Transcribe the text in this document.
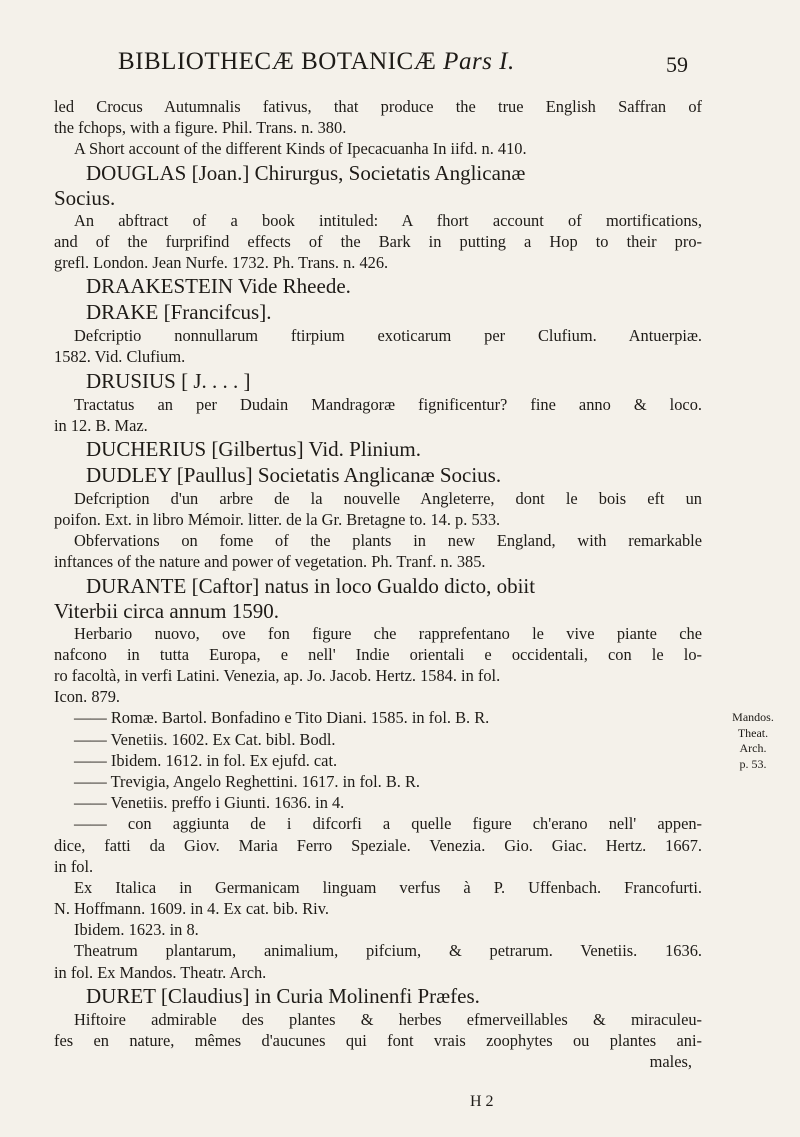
BIBLIOTHECÆ BOTANICÆ Pars I.	59
led Crocus Autumnalis fativus, that produce the true English Saffran of
the fchops, with a figure. Phil. Trans. n. 380.
A Short account of the different Kinds of Ipecacuanha In iifd. n. 410.
DOUGLAS [Joan.] Chirurgus, Societatis Anglicanæ
Socius.
An abftract of a book intituled: A fhort account of mortifications,
and of the furprifind effects of the Bark in putting a Hop to their pro-
grefl. London. Jean Nurfe. 1732. Ph. Trans. n. 426.
DRAAKESTEIN Vide Rheede.
DRAKE [Francifcus].
Defcriptio nonnullarum ftirpium exoticarum per Clufium. Antuerpiæ.
1582. Vid. Clufium.
DRUSIUS [ J. . . . ]
Tractatus an per Dudain Mandragoræ fignificentur? fine anno & loco.
in 12. B. Maz.
DUCHERIUS [Gilbertus] Vid. Plinium.
DUDLEY [Paullus] Societatis Anglicanæ Socius.
Defcription d'un arbre de la nouvelle Angleterre, dont le bois eft un
poifon. Ext. in libro Mémoir. litter. de la Gr. Bretagne to. 14. p. 533.
Obfervations on fome of the plants in new England, with remarkable
inftances of the nature and power of vegetation. Ph. Tranf. n. 385.
DURANTE [Caftor] natus in loco Gualdo dicto, obiit
Viterbii circa annum 1590.
Herbario nuovo, ove fon figure che rapprefentano le vive piante che
nafcono in tutta Europa, e nell' Indie orientali e occidentali, con le lo-
ro facoltà, in verfi Latini. Venezia, ap. Jo. Jacob. Hertz. 1584. in fol.
Icon. 879.
—— Romæ. Bartol. Bonfadino e Tito Diani. 1585. in fol. B. R.
—— Venetiis. 1602. Ex Cat. bibl. Bodl.
—— Ibidem. 1612. in fol. Ex ejufd. cat.
—— Trevigia, Angelo Reghettini. 1617. in fol. B. R.
—— Venetiis. preffo i Giunti. 1636. in 4.
—— con aggiunta de i difcorfi a quelle figure ch'erano nell' appen-
dice, fatti da Giov. Maria Ferro Speziale. Venezia. Gio. Giac. Hertz. 1667.
in fol.
Ex Italica in Germanicam linguam verfus à P. Uffenbach. Francofurti.
N. Hoffmann. 1609. in 4. Ex cat. bib. Riv.
Ibidem. 1623. in 8.
Theatrum plantarum, animalium, pifcium, & petrarum. Venetiis. 1636.
in fol. Ex Mandos. Theatr. Arch.
DURET [Claudius] in Curia Molinenfi Præfes.
Hiftoire admirable des plantes & herbes efmerveillables & miraculeu-
fes en nature, mêmes d'aucunes qui font vrais zoophytes ou plantes ani-
males,
Mandos.
Theat.
Arch.
p. 53.
H 2
